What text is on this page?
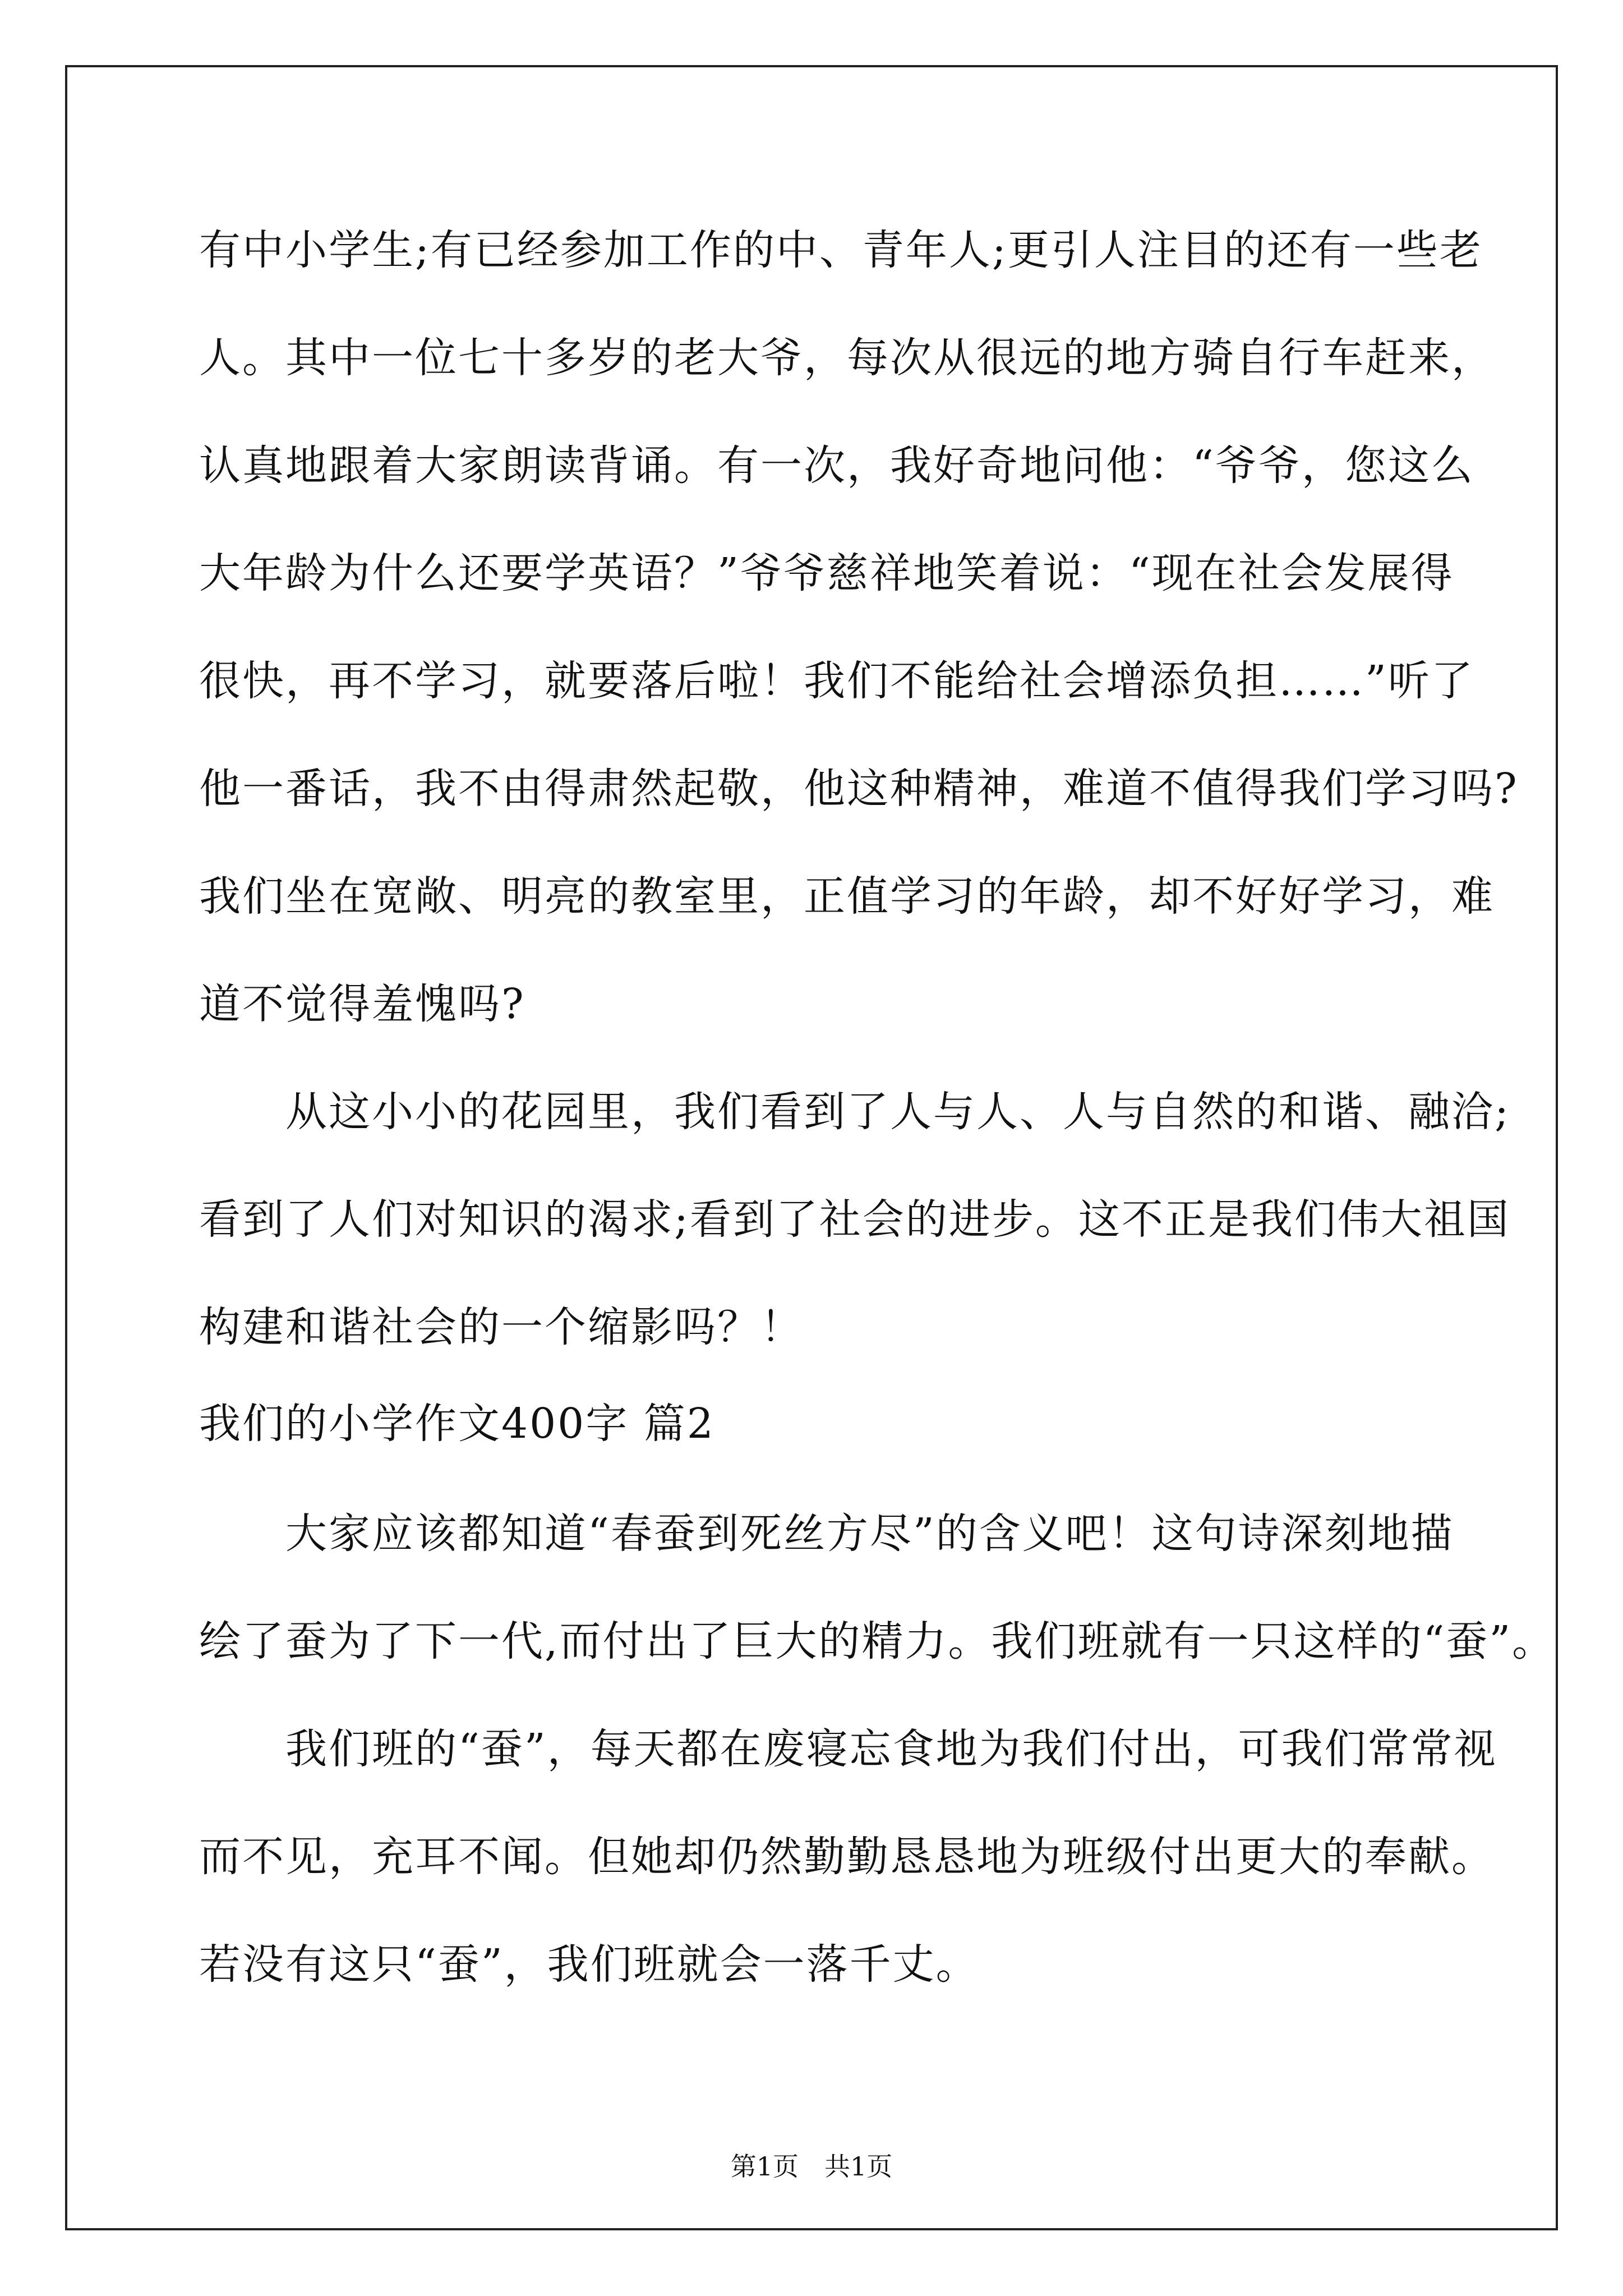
有中小学生;有已经参加工作的中、青年人;更引人注目的还有一些老
人。其中一位七十多岁的老大爷，每次从很远的地方骑自行车赶来，
认真地跟着大家朗读背诵。有一次，我好奇地问他：“爷爷，您这么
大年龄为什么还要学英语？”爷爷慈祥地笑着说：“现在社会发展得
很快，再不学习，就要落后啦！我们不能给社会增添负担……”听了
他一番话，我不由得肃然起敬，他这种精神，难道不值得我们学习吗?
我们坐在宽敞、明亮的教室里，正值学习的年龄，却不好好学习，难
道不觉得羞愧吗?
　　从这小小的花园里，我们看到了人与人、人与自然的和谐、融洽;
看到了人们对知识的渴求;看到了社会的进步。这不正是我们伟大祖国
构建和谐社会的一个缩影吗？！
我们的小学作文400字 篇2
　　大家应该都知道“春蚕到死丝方尽”的含义吧！这句诗深刻地描
绘了蚕为了下一代,而付出了巨大的精力。我们班就有一只这样的“蚕”。
　　我们班的“蚕”，每天都在废寝忘食地为我们付出，可我们常常视
而不见，充耳不闻。但她却仍然勤勤恳恳地为班级付出更大的奉献。
若没有这只“蚕”，我们班就会一落千丈。
第1页　共1页
